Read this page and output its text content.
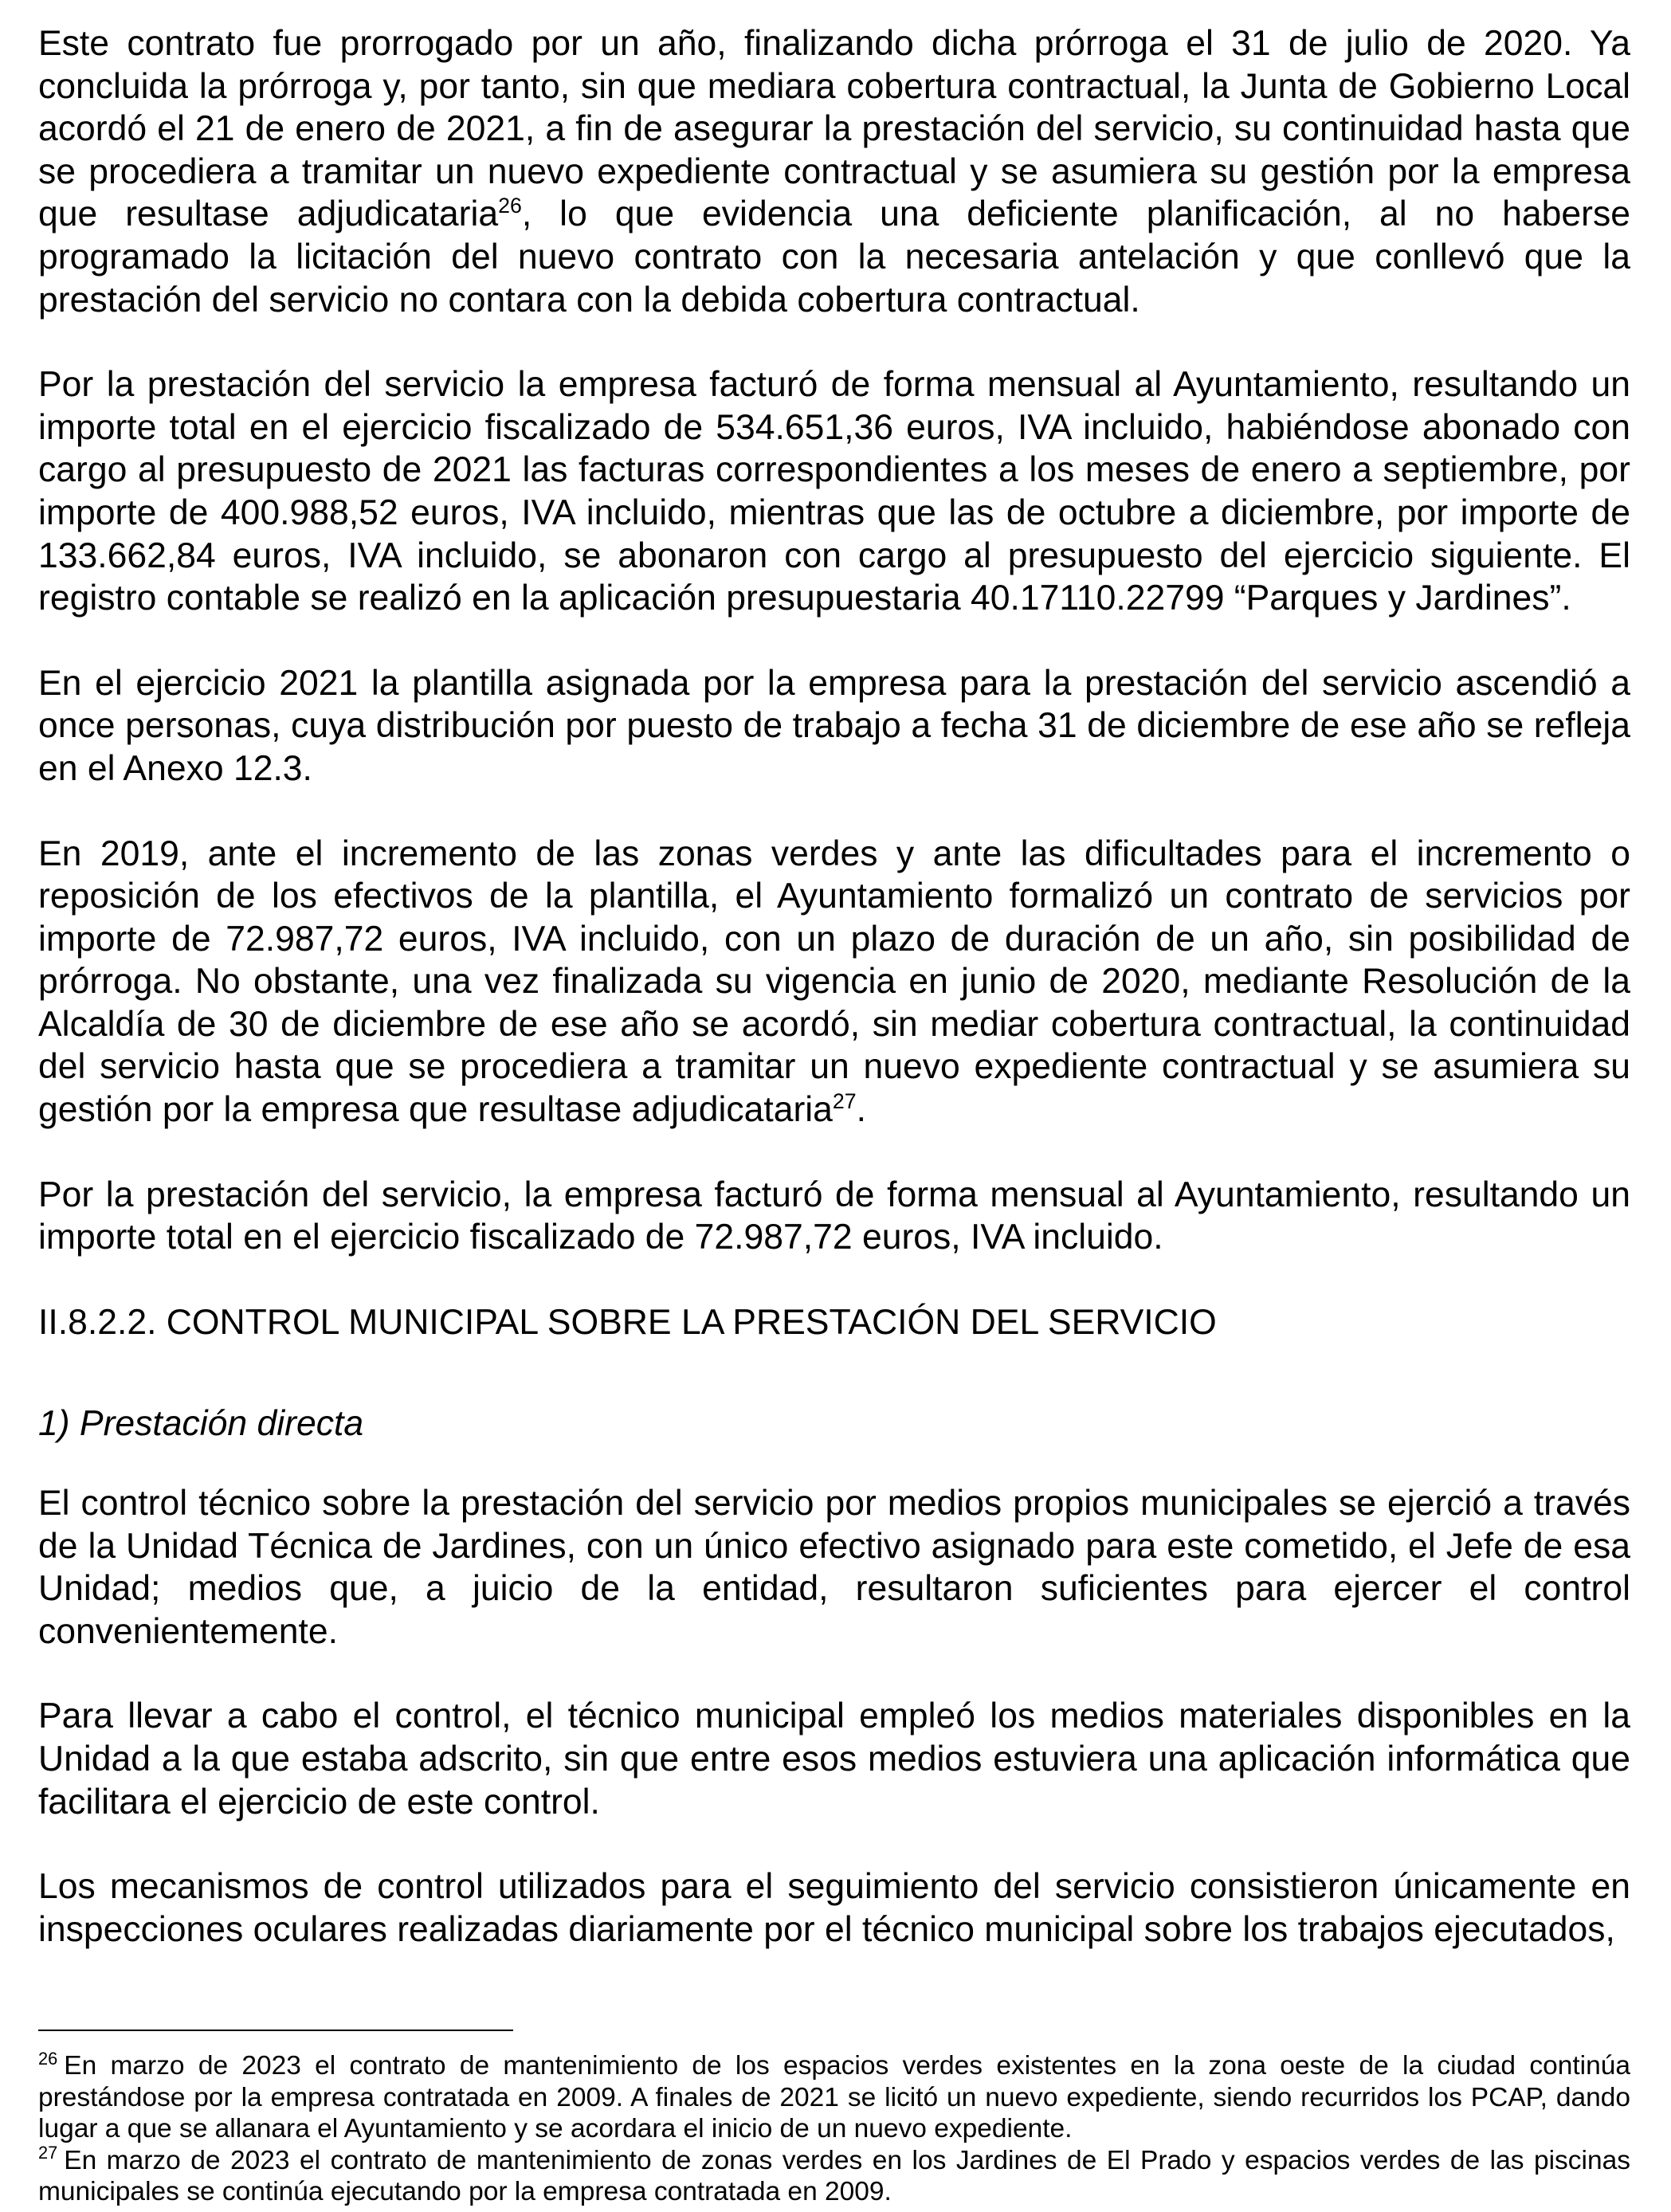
Este contrato fue prorrogado por un año, finalizando dicha prórroga el 31 de julio de 2020. Ya concluida la prórroga y, por tanto, sin que mediara cobertura contractual, la Junta de Gobierno Local acordó el 21 de enero de 2021, a fin de asegurar la prestación del servicio, su continuidad hasta que se procediera a tramitar un nuevo expediente contractual y se asumiera su gestión por la empresa que resultase adjudicataria$^{26}$, lo que evidencia una deficiente planificación, al no haberse programado la licitación del nuevo contrato con la necesaria antelación y que conllevó que la prestación del servicio no contara con la debida cobertura contractual.

Por la prestación del servicio la empresa facturó de forma mensual al Ayuntamiento, resultando un importe total en el ejercicio fiscalizado de 534.651,36 euros, IVA incluido, habiéndose abonado con cargo al presupuesto de 2021 las facturas correspondientes a los meses de enero a septiembre, por importe de 400.988,52 euros, IVA incluido, mientras que las de octubre a diciembre, por importe de 133.662,84 euros, IVA incluido, se abonaron con cargo al presupuesto del ejercicio siguiente. El registro contable se realizó en la aplicación presupuestaria 40.17110.22799 “Parques y Jardines”.

En el ejercicio 2021 la plantilla asignada por la empresa para la prestación del servicio ascendió a once personas, cuya distribución por puesto de trabajo a fecha 31 de diciembre de ese año se refleja en el Anexo 12.3.

En 2019, ante el incremento de las zonas verdes y ante las dificultades para el incremento o reposición de los efectivos de la plantilla, el Ayuntamiento formalizó un contrato de servicios por importe de 72.987,72 euros, IVA incluido, con un plazo de duración de un año, sin posibilidad de prórroga. No obstante, una vez finalizada su vigencia en junio de 2020, mediante Resolución de la Alcaldía de 30 de diciembre de ese año se acordó, sin mediar cobertura contractual, la continuidad del servicio hasta que se procediera a tramitar un nuevo expediente contractual y se asumiera su gestión por la empresa que resultase adjudicataria$^{27}$.

Por la prestación del servicio, la empresa facturó de forma mensual al Ayuntamiento, resultando un importe total en el ejercicio fiscalizado de 72.987,72 euros, IVA incluido.

II.8.2.2. CONTROL MUNICIPAL SOBRE LA PRESTACIÓN DEL SERVICIO
1) Prestación directa

El control técnico sobre la prestación del servicio por medios propios municipales se ejerció a través de la Unidad Técnica de Jardines, con un único efectivo asignado para este cometido, el Jefe de esa Unidad; medios que, a juicio de la entidad, resultaron suficientes para ejercer el control convenientemente.

Para llevar a cabo el control, el técnico municipal empleó los medios materiales disponibles en la Unidad a la que estaba adscrito, sin que entre esos medios estuviera una aplicación informática que facilitara el ejercicio de este control.

Los mecanismos de control utilizados para el seguimiento del servicio consistieron únicamente en inspecciones oculares realizadas diariamente por el técnico municipal sobre los trabajos ejecutados,

$^{26}$ En marzo de 2023 el contrato de mantenimiento de los espacios verdes existentes en la zona oeste de la ciudad continúa prestándose por la empresa contratada en 2009. A finales de 2021 se licitó un nuevo expediente, siendo recurridos los PCAP, dando lugar a que se allanara el Ayuntamiento y se acordara el inicio de un nuevo expediente.

$^{27}$ En marzo de 2023 el contrato de mantenimiento de zonas verdes en los Jardines de El Prado y espacios verdes de las piscinas municipales se continúa ejecutando por la empresa contratada en 2009.
